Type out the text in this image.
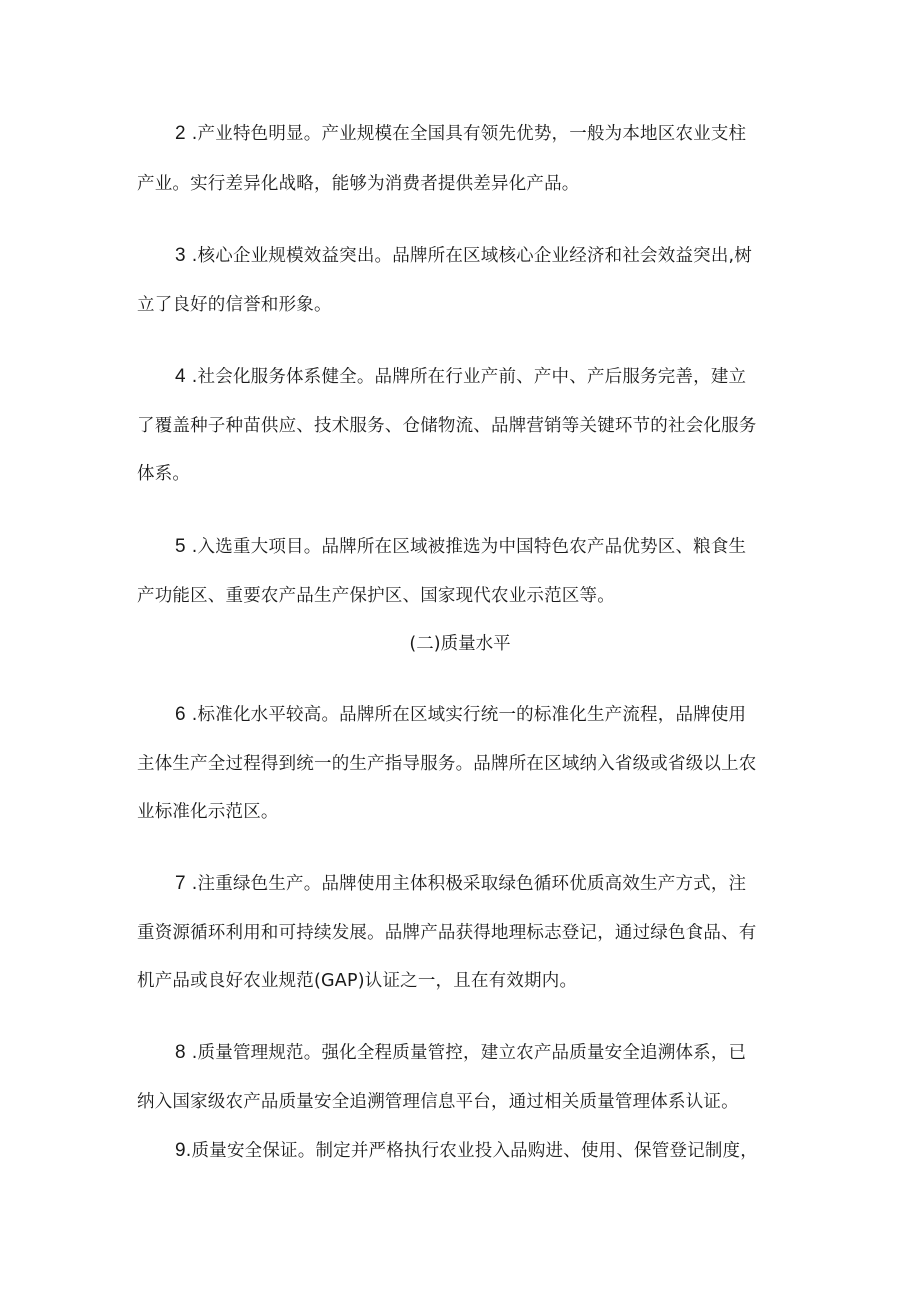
2 .产业特色明显。产业规模在全国具有领先优势，一般为本地区农业支柱
产业。实行差异化战略，能够为消费者提供差异化产品。
3 .核心企业规模效益突出。品牌所在区域核心企业经济和社会效益突出,树
立了良好的信誉和形象。
4 .社会化服务体系健全。品牌所在行业产前、产中、产后服务完善，建立
了覆盖种子种苗供应、技术服务、仓储物流、品牌营销等关键环节的社会化服务
体系。
5 .入选重大项目。品牌所在区域被推选为中国特色农产品优势区、粮食生
产功能区、重要农产品生产保护区、国家现代农业示范区等。
(二)质量水平
6 .标准化水平较高。品牌所在区域实行统一的标准化生产流程，品牌使用
主体生产全过程得到统一的生产指导服务。品牌所在区域纳入省级或省级以上农
业标准化示范区。
7 .注重绿色生产。品牌使用主体积极采取绿色循环优质高效生产方式，注
重资源循环利用和可持续发展。品牌产品获得地理标志登记，通过绿色食品、有
机产品或良好农业规范(GAP)认证之一，且在有效期内。
8 .质量管理规范。强化全程质量管控，建立农产品质量安全追溯体系，已
纳入国家级农产品质量安全追溯管理信息平台，通过相关质量管理体系认证。
9.质量安全保证。制定并严格执行农业投入品购进、使用、保管登记制度，
